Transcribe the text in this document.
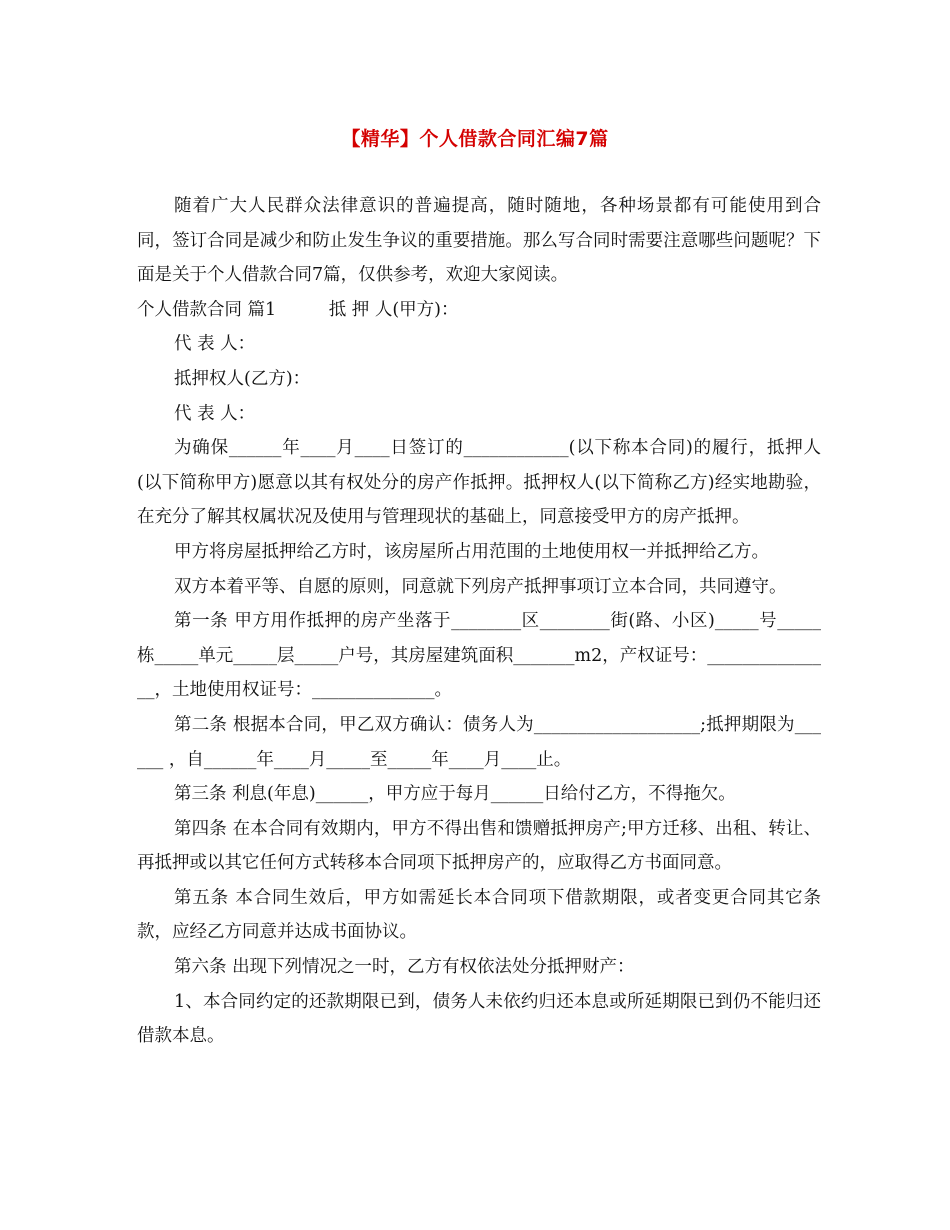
【精华】个人借款合同汇编7篇

随着广大人民群众法律意识的普遍提高，随时随地，各种场景都有可能使用到合同，签订合同是减少和防止发生争议的重要措施。那么写合同时需要注意哪些问题呢？下面是关于个人借款合同7篇，仅供参考，欢迎大家阅读。

个人借款合同 篇1　　　抵 押 人(甲方)：

代 表 人：

抵押权人(乙方)：

代 表 人：

为确保______年____月____日签订的____________(以下称本合同)的履行，抵押人(以下简称甲方)愿意以其有权处分的房产作抵押。抵押权人(以下简称乙方)经实地勘验，在充分了解其权属状况及使用与管理现状的基础上，同意接受甲方的房产抵押。

甲方将房屋抵押给乙方时，该房屋所占用范围的土地使用权一并抵押给乙方。

双方本着平等、自愿的原则，同意就下列房产抵押事项订立本合同，共同遵守。

第一条 甲方用作抵押的房产坐落于________区________街(路、小区)_____号_____栋_____单元_____层_____户号，其房屋建筑面积_______m2，产权证号：_______________，土地使用权证号：______________。

第二条 根据本合同，甲乙双方确认：债务人为___________________;抵押期限为______ ，自______年____月_____至_____年____月____止。

第三条 利息(年息)______，甲方应于每月______日给付乙方，不得拖欠。

第四条 在本合同有效期内，甲方不得出售和馈赠抵押房产;甲方迁移、出租、转让、再抵押或以其它任何方式转移本合同项下抵押房产的，应取得乙方书面同意。

第五条 本合同生效后，甲方如需延长本合同项下借款期限，或者变更合同其它条款，应经乙方同意并达成书面协议。

第六条 出现下列情况之一时，乙方有权依法处分抵押财产：

1、本合同约定的还款期限已到，债务人未依约归还本息或所延期限已到仍不能归还借款本息。
